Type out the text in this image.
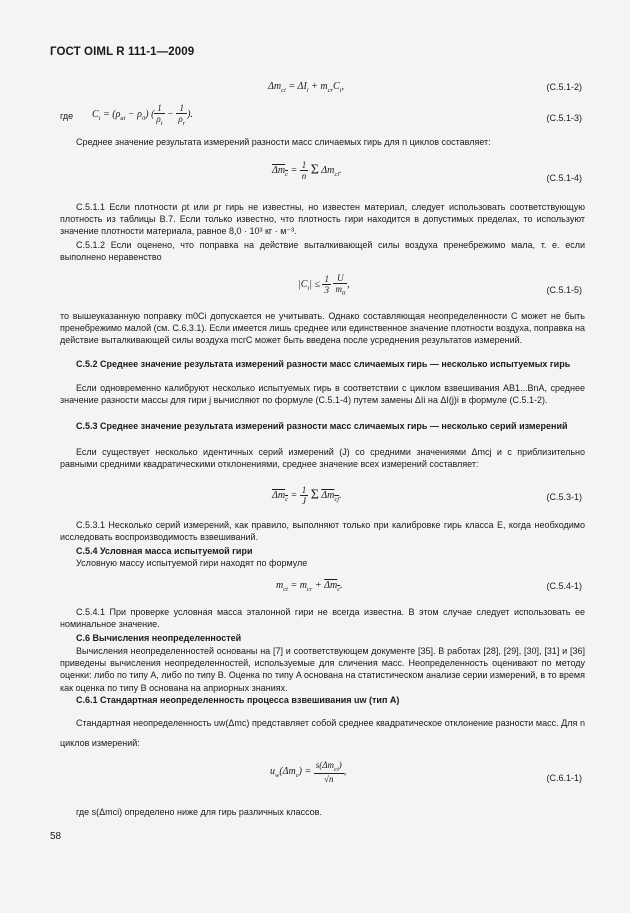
ГОСТ OIML R 111-1—2009
$\Delta m_{ci} = \Delta I_i + m_{cr}C_i$,	(C.5.1-2)
где	$C_i = (\rho_{ai} - \rho_0)$ ( $\frac{1}{\rho_t} - \frac{1}{\rho_r}$ ).	(C.5.1-3)
Среднее значение результата измерений разности масс сличаемых гирь для n циклов составляет:
$\Delta m_c = \frac{1}{n}$ Σ $\Delta m_{ci}$.
(C.5.1-4)
C.5.1.1 Если плотности ρt или ρr гирь не известны, но известен материал, следует использовать соответствующую плотность из таблицы B.7. Если только известно, что плотность гири находится в допустимых пределах, то используют значение плотности материала, равное 8,0 · 10³ кг · м⁻³.
C.5.1.2 Если оценено, что поправка на действие выталкивающей силы воздуха пренебрежимо мала, т. е. если выполнено неравенство
$|C_i| \le \frac{1}{3}$
$\frac{U}{m_0}$ ,	(C.5.1-5)
то вышеуказанную поправку m0Ci допускается не учитывать. Однако составляющая неопределенности C может не быть пренебрежимо малой (см. C.6.3.1). Если имеется лишь среднее или единственное значение плотности воздуха, поправка на действие выталкивающей силы воздуха mcrC может быть введена после усреднения результатов измерений.
C.5.2 Среднее значение результата измерений разности масс сличаемых гирь — несколько испытуемых гирь
Если одновременно калибруют несколько испытуемых гирь в соответствии с циклом взвешивания AB1...BnA, среднее значение разности массы для гири j вычисляют по формуле (C.5.1-4) путем замены ΔIi на ΔI(j)i в формуле (C.5.1-2).
C.5.3 Среднее значение результата измерений разности масс сличаемых гирь — несколько серий измерений
Если существует несколько идентичных серий измерений (J) со средними значениями Δmcj и с приблизительно равными средними квадратическими отклонениями, среднее значение всех измерений составляет:
$\Delta m_c = \frac{1}{J}$ Σ $\Delta m_{cj}$.	(C.5.3-1)
C.5.3.1 Несколько серий измерений, как правило, выполняют только при калибровке гирь класса E, когда необходимо исследовать воспроизводимость взвешиваний.
C.5.4 Условная масса испытуемой гири
Условную массу испытуемой гири находят по формуле
$m_{ct} = m_{cr} + \Delta m_c$.	(C.5.4-1)
C.5.4.1 При проверке условная масса эталонной гири не всегда известна. В этом случае следует использовать ее номинальное значение.
C.6 Вычисления неопределенностей
Вычисления неопределенностей основаны на [7] и соответствующем документе [35]. В работах [28], [29], [30], [31] и [36] приведены вычисления неопределенностей, используемые для сличения масс. Неопределенность оценивают по методу оценки: либо по типу A, либо по типу B. Оценка по типу A основана на статистическом анализе серии измерений, в то время как оценка по типу B основана на априорных знаниях.
C.6.1 Стандартная неопределенность процесса взвешивания uw (тип A)
Стандартная неопределенность uw(Δmc) представляет собой среднее квадратическое отклонение разности масс. Для n циклов измерений:
$u_w(\Delta m_c) = \frac{s(\Delta m_{ci})}{√n}$ ,
(C.6.1-1)
где s(Δmci) определено ниже для гирь различных классов.
58
